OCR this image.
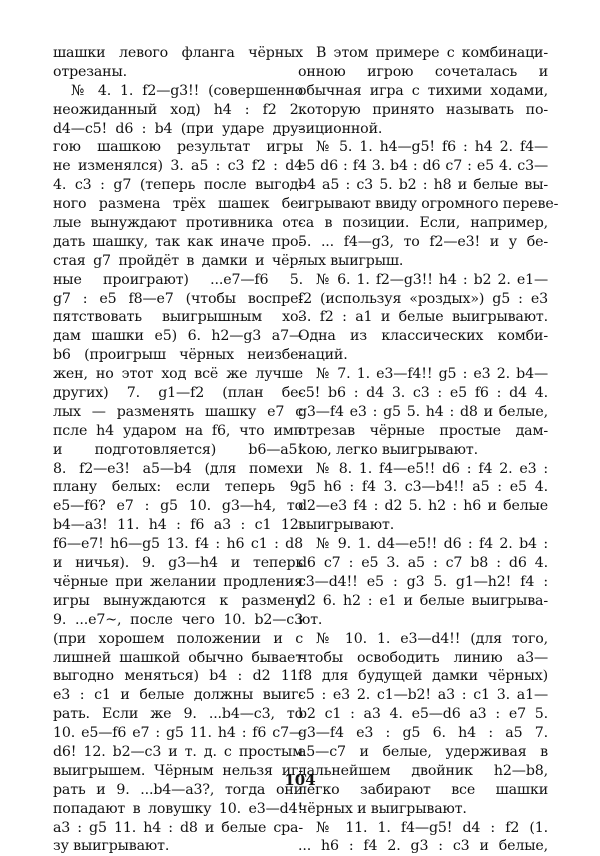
шашки левого фланга чёрных
отрезаны.
№ 4. 1. f2—g3!! (совершенно
неожиданный ход) h4 : f2 2.
d4—c5! d6 : b4 (при ударе дру-
гою шашкою результат игры
не изменялся) 3. a5 : c3 f2 : d4
4. c3 : g7 (теперь после выгод-
ного размена трёх шашек бе-
лые вынуждают противника от-
дать шашку, так как иначе про-
стая g7 пройдёт в дамки и чёр-
ные проиграют) ...e7—f6 5.
g7 : e5 f8—e7 (чтобы воспре-
пятствовать выигрышным хо-
дам шашки e5) 6. h2—g3 a7—
b6 (проигрыш чёрных неизбе-
жен, но этот ход всё же лучше
других) 7. g1—f2 (план бе-
лых — разменять шашку e7 с
псле h4 ударом на f6, что имп
и подготовляется) b6—a5!
8. f2—e3! a5—b4 (для помехи
плану белых: если теперь 9.
e5—f6? e7 : g5 10. g3—h4, то
b4—a3! 11. h4 : f6 a3 : c1 12.
f6—e7! h6—g5 13. f4 : h6 c1 : d8
и ничья). 9. g3—h4 и теперь
чёрные при желании продления
игры вынуждаются к размену
9. ...e7~, после чего 10. b2—c3
(при хорошем положении и с
лишней шашкой обычно бывает
выгодно меняться) b4 : d2 11.
e3 : c1 и белые должны выиг-
рать. Если же 9. ...b4—c3, то
10. e5—f6 e7 : g5 11. h4 : f6 c7—
d6! 12. b2—c3 и т. д. с простым
выигрышем. Чёрным нельзя иг-
рать и 9. ...b4—a3?, тогда они
попадают в ловушку 10. e3—d4!
a3 : g5 11. h4 : d8 и белые сра-
зу выигрывают.
В этом примере с комбинаци-
онною игрою сочеталась и
обычная игра с тихими ходами,
которую принято называть по-
зиционной.
№ 5. 1. h4—g5! f6 : h4 2. f4—
e5 d6 : f4 3. b4 : d6 c7 : e5 4. c3—
b4 a5 : c3 5. b2 : h8 и белые вы-
игрывают ввиду огромного переве-
са в позиции. Если, например,
5. ... f4—g3, то f2—e3! и у бе-
лых выигрыш.
№ 6. 1. f2—g3!! h4 : b2 2. e1—
f2 (используя «роздых») g5 : e3
3. f2 : a1 и белые выигрывают.
Одна из классических комби-
наций.
№ 7. 1. e3—f4!! g5 : e3 2. b4—
c5! b6 : d4 3. c3 : e5 f6 : d4 4.
g3—f4 e3 : g5 5. h4 : d8 и белые,
отрезав чёрные простые дам-
кою, легко выигрывают.
№ 8. 1. f4—e5!! d6 : f4 2. e3 :
g5 h6 : f4 3. c3—b4!! a5 : e5 4.
d2—e3 f4 : d2 5. h2 : h6 и белые
выигрывают.
№ 9. 1. d4—e5!! d6 : f4 2. b4 :
d6 c7 : e5 3. a5 : c7 b8 : d6 4.
c3—d4!! e5 : g3 5. g1—h2! f4 :
d2 6. h2 : e1 и белые выигрыва-
ют.
№ 10. 1. e3—d4!! (для того,
чтобы освободить линию a3—
f8 для будущей дамки чёрных)
c5 : e3 2. c1—b2! a3 : c1 3. a1—
b2 c1 : a3 4. e5—d6 a3 : e7 5.
g3—f4 e3 : g5 6. h4 : a5 7.
a5—c7 и белые, удерживая в
дальнейшем двойник h2—b8,
легко забирают все шашки
чёрных и выигрывают.
№ 11. 1. f4—g5! d4 : f2 (1.
... h6 : f4 2. g3 : c3 и белые,
104
